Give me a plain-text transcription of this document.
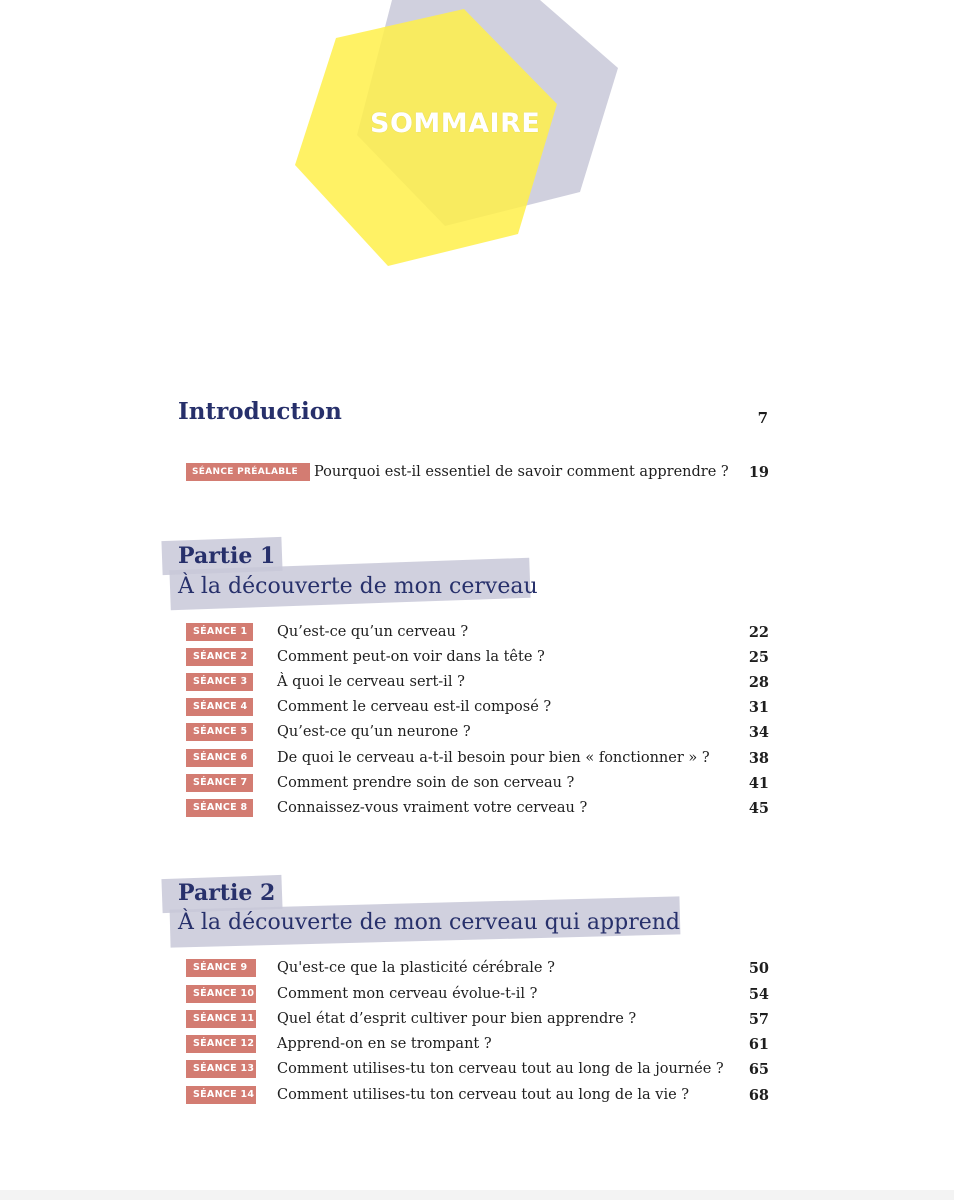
SOMMAIRE
Introduction	7
SÉANCE PRÉALABLE	Pourquoi est-il essentiel de savoir comment apprendre ?	19
Partie 1
À la découverte de mon cerveau
SÉANCE 1	Qu’est-ce qu’un cerveau ?	22
SÉANCE 2	Comment peut-on voir dans la tête ?	25
SÉANCE 3	À quoi le cerveau sert-il ?	28
SÉANCE 4	Comment le cerveau est-il composé ?	31
SÉANCE 5	Qu’est-ce qu’un neurone ?	34
SÉANCE 6	De quoi le cerveau a-t-il besoin pour bien « fonctionner » ?	38
SÉANCE 7	Comment prendre soin de son cerveau ?	41
SÉANCE 8	Connaissez-vous vraiment votre cerveau ?	45
Partie 2
À la découverte de mon cerveau qui apprend
SÉANCE 9	Qu'est-ce que la plasticité cérébrale ?	50
SÉANCE 10 Comment mon cerveau évolue-t-il ?	54
SÉANCE 11 Quel état d’esprit cultiver pour bien apprendre ?	57
SÉANCE 12 Apprend-on en se trompant ?	61
SÉANCE 13 Comment utilises-tu ton cerveau tout au long de la journée ?	65
SÉANCE 14 Comment utilises-tu ton cerveau tout au long de la vie ?	68
